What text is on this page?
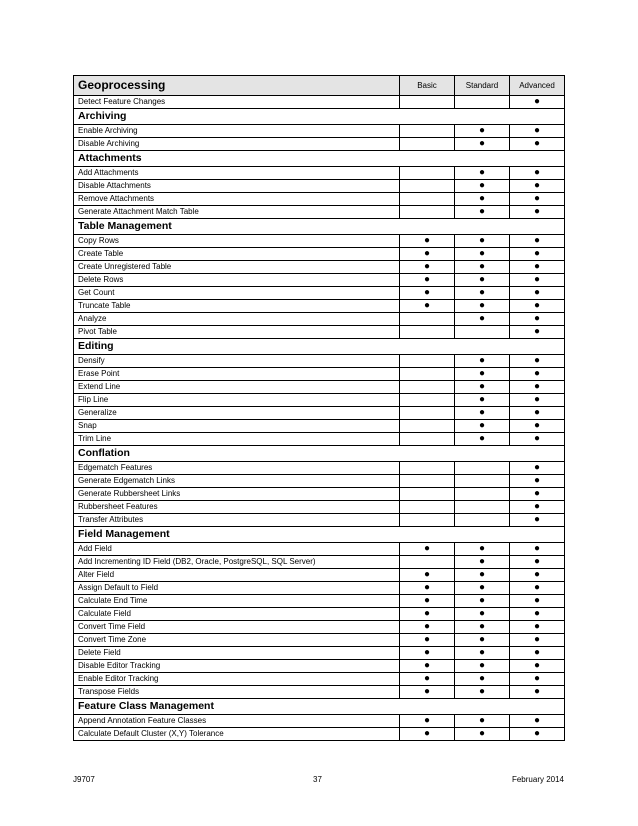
Geoprocessing	Basic	Standard	Advanced
Detect Feature Changes			●
Archiving			
Enable Archiving		●	●
Disable Archiving		●	●
Attachments			
Add Attachments		●	●
Disable Attachments		●	●
Remove Attachments		●	●
Generate Attachment Match Table		●	●
Table Management			
Copy Rows	●	●	●
Create Table	●	●	●
Create Unregistered Table	●	●	●
Delete Rows	●	●	●
Get Count	●	●	●
Truncate Table	●	●	●
Analyze		●	●
Pivot Table			●
Editing			
Densify		●	●
Erase Point		●	●
Extend Line		●	●
Flip Line		●	●
Generalize		●	●
Snap		●	●
Trim Line		●	●
Conflation			
Edgematch Features			●
Generate Edgematch Links			●
Generate Rubbersheet Links			●
Rubbersheet Features			●
Transfer Attributes			●
Field Management			
Add Field	●	●	●
Add Incrementing ID Field (DB2, Oracle, PostgreSQL, SQL Server)		●	●
Alter Field	●	●	●
Assign Default to Field	●	●	●
Calculate End Time	●	●	●
Calculate Field	●	●	●
Convert Time Field	●	●	●
Convert Time Zone	●	●	●
Delete Field	●	●	●
Disable Editor Tracking	●	●	●
Enable Editor Tracking	●	●	●
Transpose Fields	●	●	●
Feature Class Management			
Append Annotation Feature Classes	●	●	●
Calculate Default Cluster (X,Y) Tolerance	●	●	●
J9707	37	February 2014
